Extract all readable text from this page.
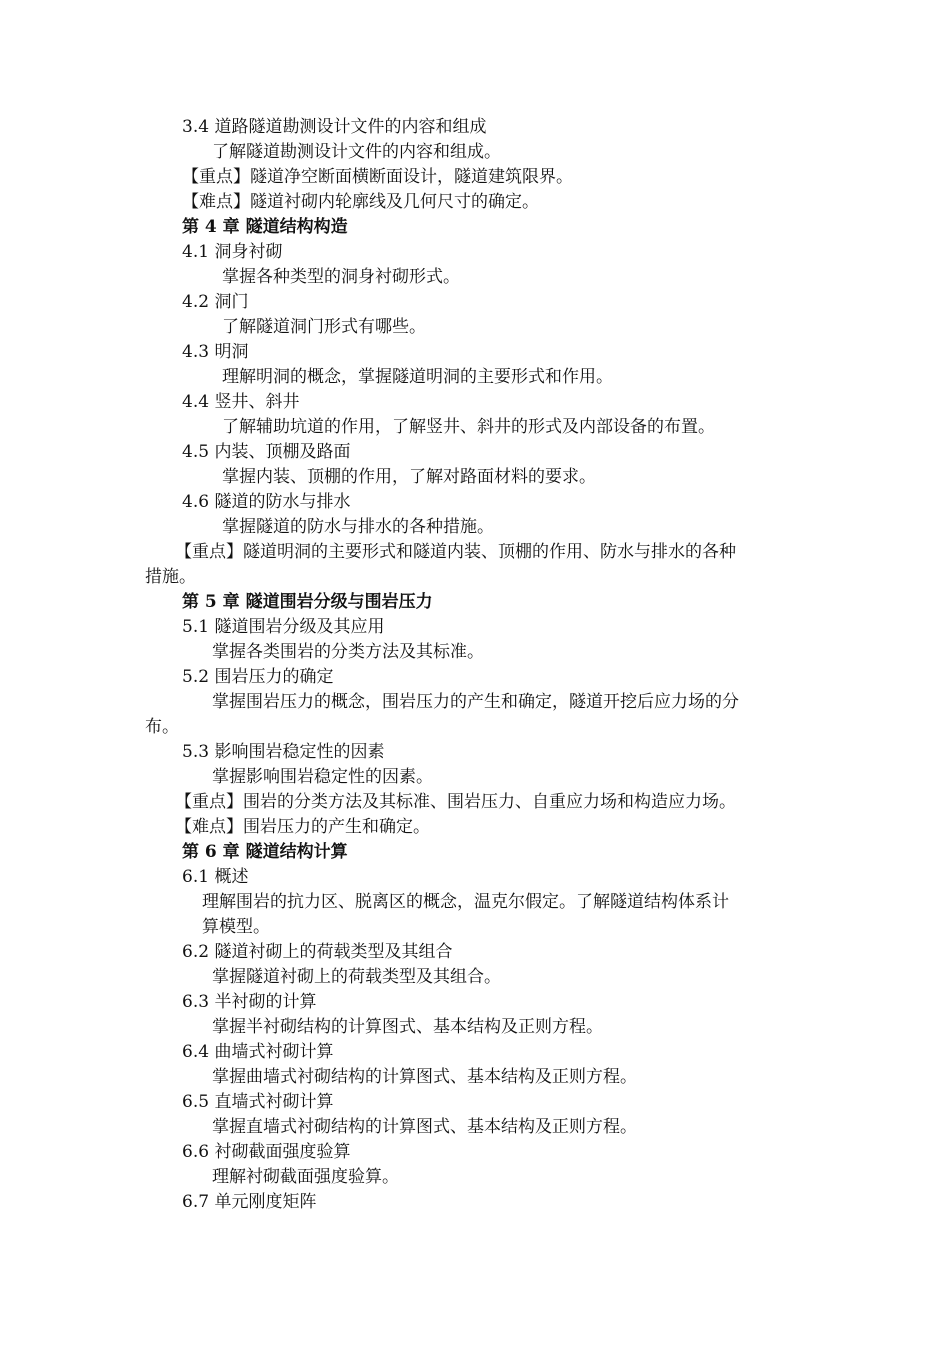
3.4 道路隧道勘测设计文件的内容和组成
了解隧道勘测设计文件的内容和组成。
【重点】隧道净空断面横断面设计，隧道建筑限界。
【难点】隧道衬砌内轮廓线及几何尺寸的确定。
第 4 章 隧道结构构造
4.1 洞身衬砌
掌握各种类型的洞身衬砌形式。
4.2 洞门
了解隧道洞门形式有哪些。
4.3 明洞
理解明洞的概念，掌握隧道明洞的主要形式和作用。
4.4 竖井、斜井
了解辅助坑道的作用，了解竖井、斜井的形式及内部设备的布置。
4.5 内装、顶棚及路面
掌握内装、顶棚的作用，了解对路面材料的要求。
4.6 隧道的防水与排水
掌握隧道的防水与排水的各种措施。
【重点】隧道明洞的主要形式和隧道内装、顶棚的作用、防水与排水的各种
措施。
第 5 章 隧道围岩分级与围岩压力
5.1 隧道围岩分级及其应用
掌握各类围岩的分类方法及其标准。
5.2 围岩压力的确定
掌握围岩压力的概念，围岩压力的产生和确定，隧道开挖后应力场的分
布。
5.3 影响围岩稳定性的因素
掌握影响围岩稳定性的因素。
【重点】围岩的分类方法及其标准、围岩压力、自重应力场和构造应力场。
【难点】围岩压力的产生和确定。
第 6 章 隧道结构计算
6.1 概述
理解围岩的抗力区、脱离区的概念，温克尔假定。了解隧道结构体系计
算模型。
6.2 隧道衬砌上的荷载类型及其组合
掌握隧道衬砌上的荷载类型及其组合。
6.3 半衬砌的计算
掌握半衬砌结构的计算图式、基本结构及正则方程。
6.4 曲墙式衬砌计算
掌握曲墙式衬砌结构的计算图式、基本结构及正则方程。
6.5 直墙式衬砌计算
掌握直墙式衬砌结构的计算图式、基本结构及正则方程。
6.6 衬砌截面强度验算
理解衬砌截面强度验算。
6.7 单元刚度矩阵
